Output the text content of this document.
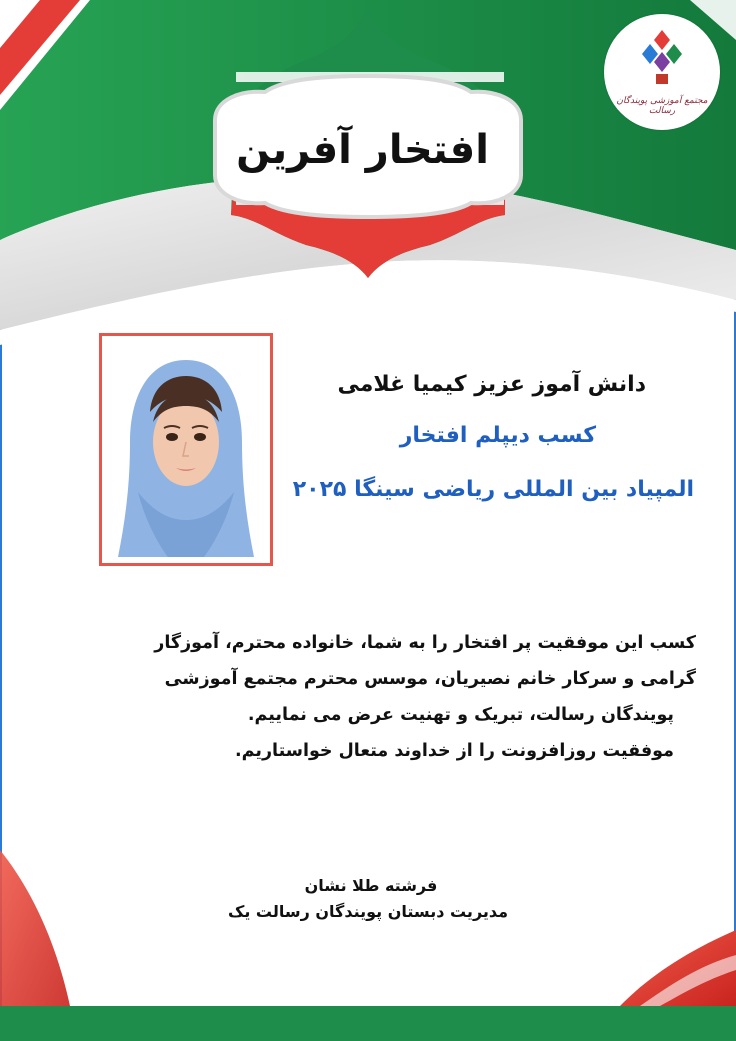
افتخار آفرین
مجتمع آموزشی پویندگان رسالت
دانش آموز عزیز کیمیا غلامی
کسب دیپلم افتخار
المپیاد بین المللی ریاضی سینگا ۲۰۲۵
کسب این موفقیت پر افتخار را به شما، خانواده محترم، آموزگار
گرامی و سرکار خانم نصیریان، موسس محترم مجتمع آموزشی
پویندگان رسالت، تبریک و تهنیت عرض می نماییم.
موفقیت روزافزونت را از خداوند متعال خواستاریم.
فرشته طلا نشان
مدیریت دبستان پویندگان رسالت یک
